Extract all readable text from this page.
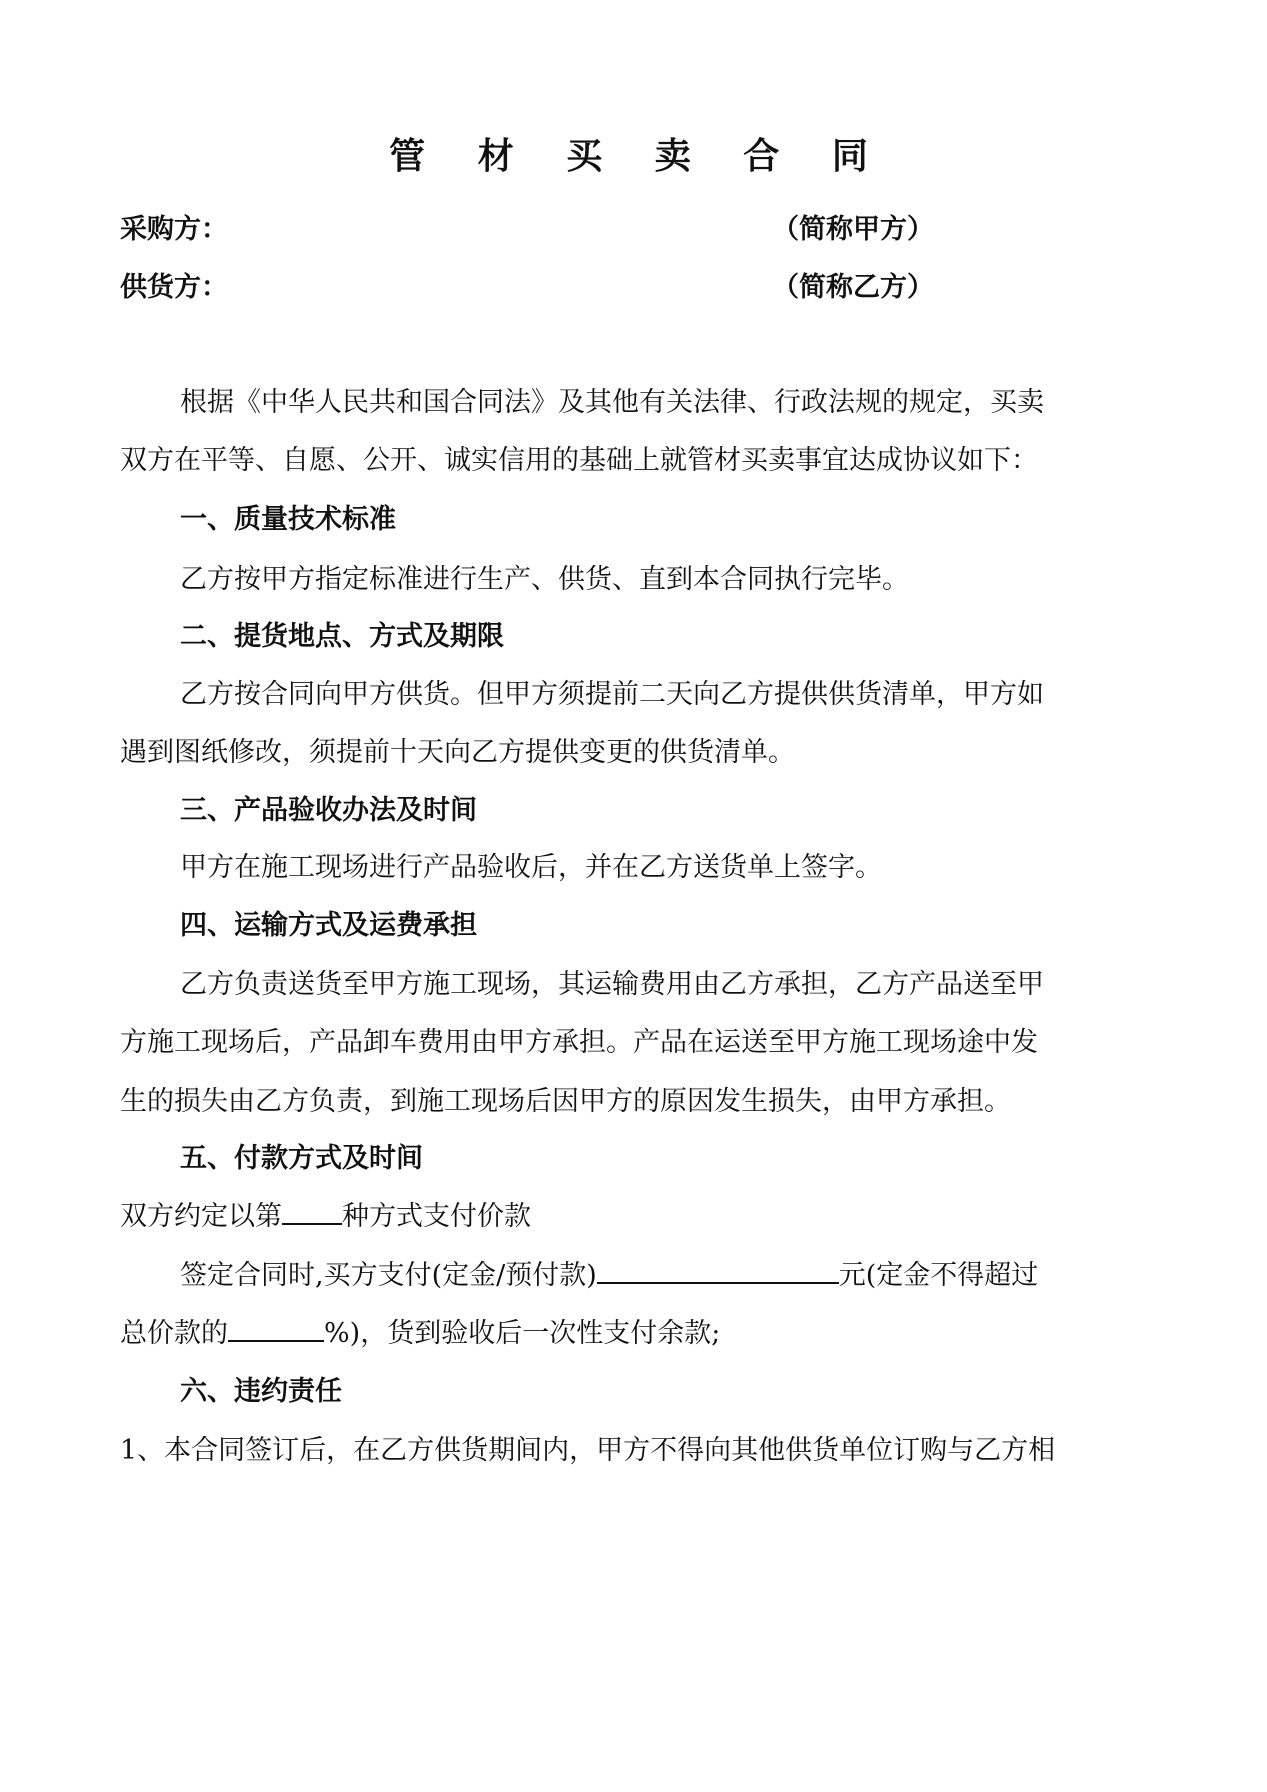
管 材 买 卖 合 同
采购方：	（简称甲方）
供货方：	（简称乙方）
根据《中华人民共和国合同法》及其他有关法律、行政法规的规定，买卖
双方在平等、自愿、公开、诚实信用的基础上就管材买卖事宜达成协议如下：
一、质量技术标准
乙方按甲方指定标准进行生产、供货、直到本合同执行完毕。
二、提货地点、方式及期限
乙方按合同向甲方供货。但甲方须提前二天向乙方提供供货清单，甲方如
遇到图纸修改，须提前十天向乙方提供变更的供货清单。
三、产品验收办法及时间
甲方在施工现场进行产品验收后，并在乙方送货单上签字。
四、运输方式及运费承担
乙方负责送货至甲方施工现场，其运输费用由乙方承担，乙方产品送至甲
方施工现场后，产品卸车费用由甲方承担。产品在运送至甲方施工现场途中发
生的损失由乙方负责，到施工现场后因甲方的原因发生损失，由甲方承担。
五、付款方式及时间
双方约定以第 种方式支付价款
签定合同时,买方支付(定金/预付款)	元(定金不得超过
总价款的	%)，货到验收后一次性支付余款;
六、违约责任
1、本合同签订后，在乙方供货期间内，甲方不得向其他供货单位订购与乙方相
